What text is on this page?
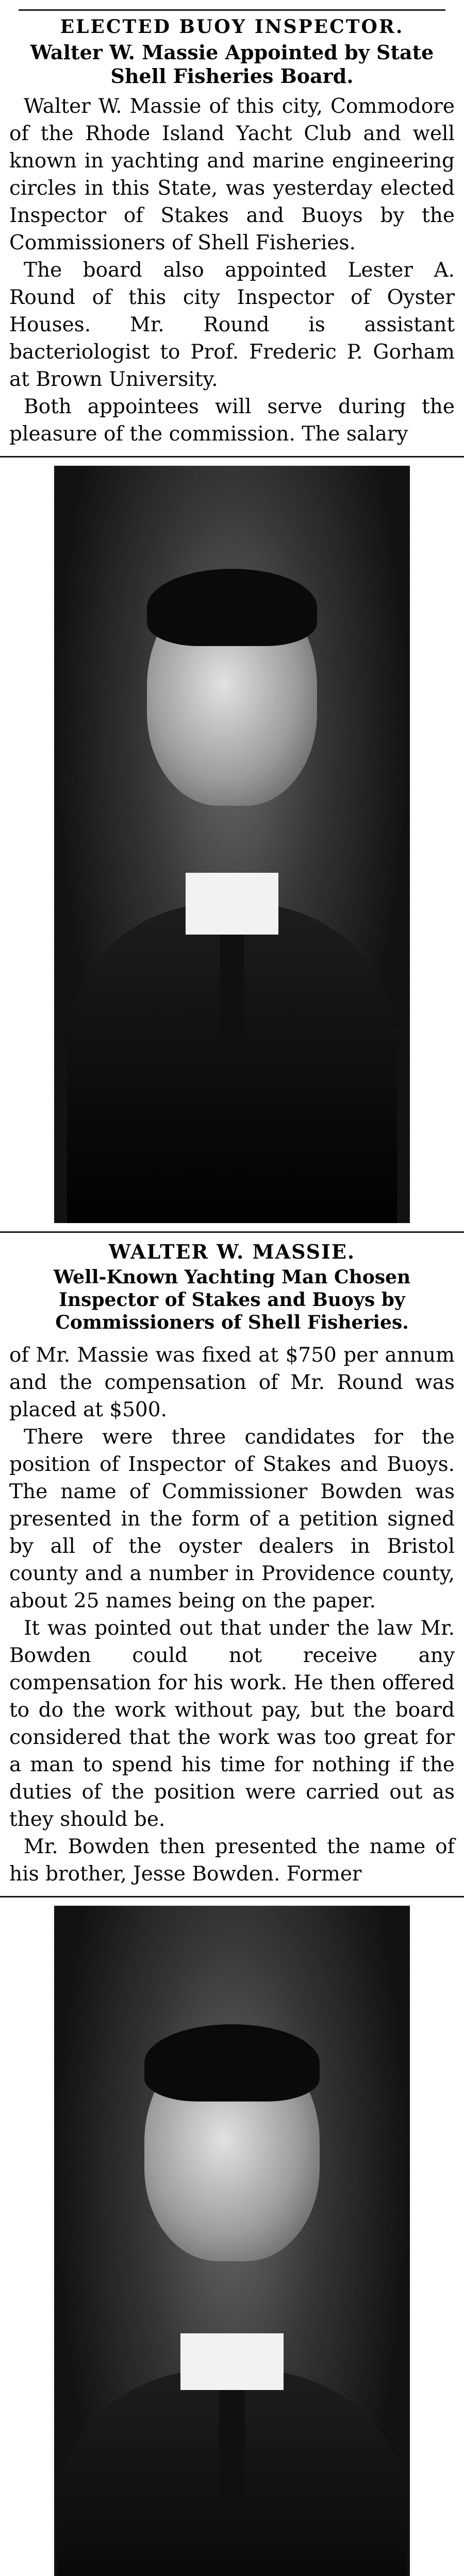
ELECTED BUOY INSPECTOR.
Walter W. Massie Appointed by State Shell Fisheries Board.

Walter W. Massie of this city, Commodore of the Rhode Island Yacht Club and well known in yachting and marine engineering circles in this State, was yesterday elected Inspector of Stakes and Buoys by the Commissioners of Shell Fisheries.

The board also appointed Lester A. Round of this city Inspector of Oyster Houses. Mr. Round is assistant bacteriologist to Prof. Frederic P. Gorham at Brown University.

Both appointees will serve during the pleasure of the commission. The salary

WALTER W. MASSIE.
Well-Known Yachting Man Chosen Inspector of Stakes and Buoys by Commissioners of Shell Fisheries.

of Mr. Massie was fixed at $750 per annum and the compensation of Mr. Round was placed at $500.

There were three candidates for the position of Inspector of Stakes and Buoys. The name of Commissioner Bowden was presented in the form of a petition signed by all of the oyster dealers in Bristol county and a number in Providence county, about 25 names being on the paper.

It was pointed out that under the law Mr. Bowden could not receive any compensation for his work. He then offered to do the work without pay, but the board considered that the work was too great for a man to spend his time for nothing if the duties of the position were carried out as they should be.

Mr. Bowden then presented the name of his brother, Jesse Bowden. Former
